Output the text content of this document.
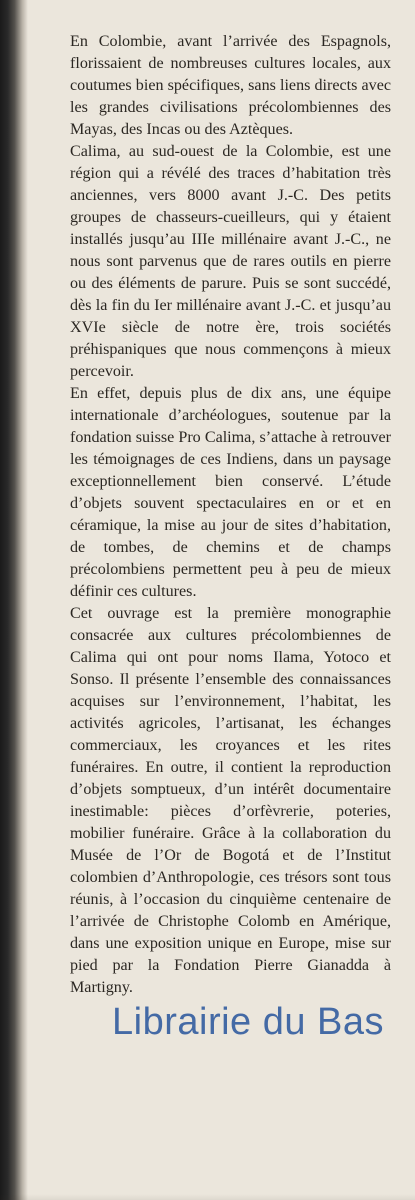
En Colombie, avant l’arrivée des Espagnols, florissaient de nombreuses cultures locales, aux coutumes bien spécifiques, sans liens directs avec les grandes civilisations précolombiennes des Mayas, des Incas ou des Aztèques.

Calima, au sud-ouest de la Colombie, est une région qui a révélé des traces d’habitation très anciennes, vers 8000 avant J.-C. Des petits groupes de chasseurs-cueilleurs, qui y étaient installés jusqu’au IIIe millénaire avant J.-C., ne nous sont parvenus que de rares outils en pierre ou des éléments de parure. Puis se sont succédé, dès la fin du Ier millénaire avant J.-C. et jusqu’au XVIe siècle de notre ère, trois sociétés préhispaniques que nous commençons à mieux percevoir.

En effet, depuis plus de dix ans, une équipe internationale d’archéologues, soutenue par la fondation suisse Pro Calima, s’attache à retrouver les témoignages de ces Indiens, dans un paysage exceptionnellement bien conservé. L’étude d’objets souvent spectaculaires en or et en céramique, la mise au jour de sites d’habitation, de tombes, de chemins et de champs précolombiens permettent peu à peu de mieux définir ces cultures.

Cet ouvrage est la première monographie consacrée aux cultures précolombiennes de Calima qui ont pour noms Ilama, Yotoco et Sonso. Il présente l’ensemble des connaissances acquises sur l’environnement, l’habitat, les activités agricoles, l’artisanat, les échanges commerciaux, les croyances et les rites funéraires. En outre, il contient la reproduction d’objets somptueux, d’un intérêt documentaire inestimable: pièces d’orfèvrerie, poteries, mobilier funéraire. Grâce à la collaboration du Musée de l’Or de Bogotá et de l’Institut colombien d’Anthropologie, ces trésors sont tous réunis, à l’occasion du cinquième centenaire de l’arrivée de Christophe Colomb en Amérique, dans une exposition unique en Europe, mise sur pied par la Fondation Pierre Gianadda à Martigny.

Librairie du Bas
